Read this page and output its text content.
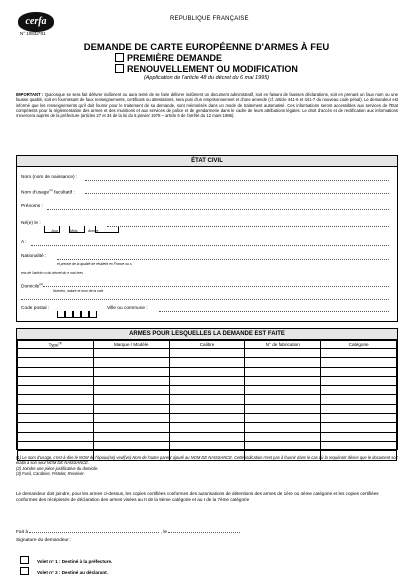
cerfa
N° 10832*01
REPUBLIQUE FRANÇAISE
DEMANDE DE CARTE EUROPÉENNE D'ARMES À FEU
PREMIÈRE DEMANDE
RENOUVELLEMENT OU MODIFICATION
(Application de l'article 48 du décret du 6 mai 1995)
IMPORTANT : Quiconque se sera fait délivrer indûment ou aura tenté de se faire délivrer indûment un document administratif, soit en faisant de fausses déclarations, soit en prenant un faux nom ou une fausse qualité, soit en fournissant de faux renseignements, certificats ou attestations, sera puni d'un emprisonnement et d'une amende (cf. article 441-6 et 441-7 du nouveau code pénal). Le demandeur est informé que les renseignements qu'il doit fournir pour le traitement de sa demande, sont mémorisés dans un mode de traitement automatisé. Ces informations seront accessibles aux services de l'Etat compétents pour la réglementation des armes et des munitions et aux services de police et de gendarmerie dans le cadre de leurs attributions légales. Le droit d'accès et de rectification aux informations s'exercera auprès de la préfecture (articles 27 et 34 de la loi du 6 janvier 1978 – article 6 de l'arrêté du 12 mars 1986).
ÉTAT CIVIL
Nom (nom de naissance) :
Nom d'usage$^{(1)}$ facultatif :
Prénoms :
Né(e) le :

Jour	Mois	Année
A :
Nationalité :
et preuve de la qualité de résident en France ou s
ens de l'article ru du décret du e mai /ees
Domicile$^{(2)}$
Numéro, nature et nom de la voie
Code postal :	Ville ou commune :
ARMES POUR LESQUELLES LA DEMANDE EST FAITE
Type$^{(3)}$	Marque / Modèle	Calibre	N° de fabrication	Catégorie

(1) Le nom d'usage, c'est-à-dire le NOM de l'époux(se) veuf(ve) Nom de l'autre parent ajouté au NOM DE NAISSANCE. Cette indication n'est pas à fournir dans le cas où la requérant désire que le document soit établi à son seul NOM DE NAISSANCE.
(2) Joindre une pièce justificative du domicile.
(3) Fusil, Carabine, Pistolet, Revolver.
Le demandeur doit joindre, pour les armes ci-dessus, les copies certifiées conformes des autorisations de détentions des armes de 1ère ou 4ème catégorie et les copies certifiées conformes des récépissés de déclaration des armes visées au II de la 5ème catégorie et au I de la 7ème catégorie
Fait à	, le
Signature du demandeur :
Volet n° 1 : Destiné à la préfecture.
Volet n° 2 : Destiné au déclarant.
